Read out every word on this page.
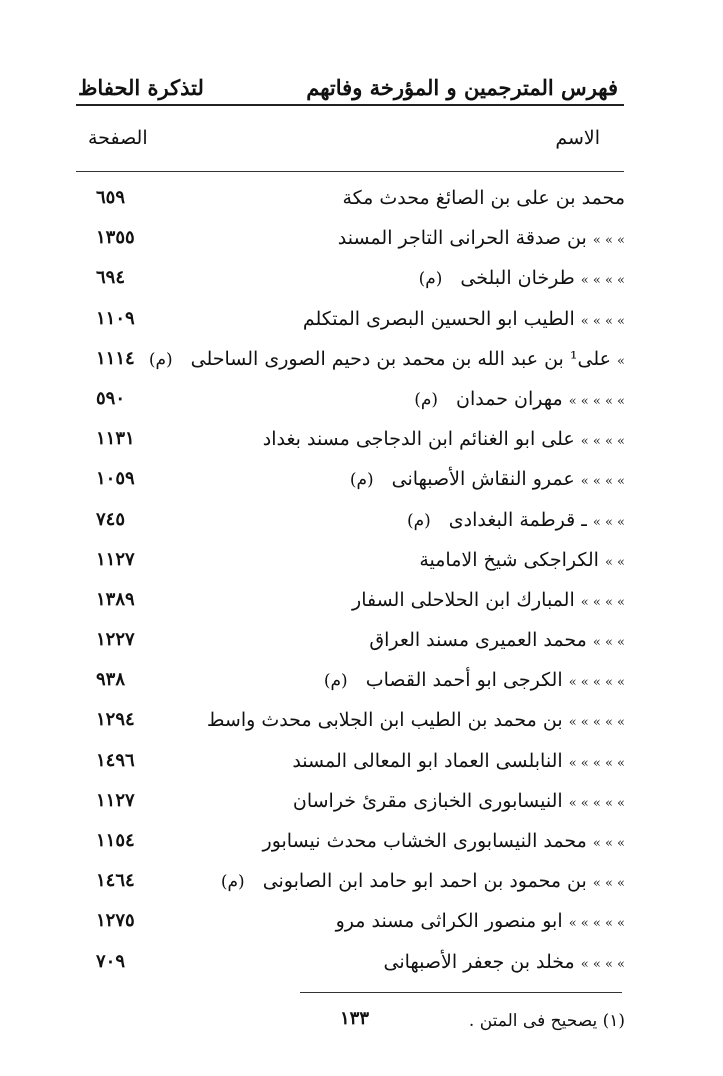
فهرس المترجمين و المؤرخة وفاتهم
لتذكرة الحفاظ
الاسم
الصفحة
محمد بن على بن الصائغ محدث مكة
٦٥٩
» » » بن صدقة الحرانى التاجر المسند
١٣٥٥
» » » » طرخان البلخى(م)
٦٩٤
» » » » الطيب ابو الحسين البصرى المتكلم
١١٠٩
» على¹ بن عبد الله بن محمد بن دحيم الصورى الساحلى(م)
١١١٤
» » » » » مهران حمدان(م)
٥٩٠
» » » » على ابو الغنائم ابن الدجاجى مسند بغداد
١١٣١
» » » » عمرو النقاش الأصبهانى(م)
١٠٥٩
» » » ـ قرطمة البغدادى(م)
٧٤٥
» » الكراجكى شيخ الامامية
١١٢٧
» » » » المبارك ابن الحلاحلى السفار
١٣٨٩
» » » محمد العميرى مسند العراق
١٢٢٧
» » » » » الكرجى ابو أحمد القصاب(م)
٩٣٨
» » » » » بن محمد بن الطيب ابن الجلابى محدث واسط
١٢٩٤
» » » » » النابلسى العماد ابو المعالى المسند
١٤٩٦
» » » » » النيسابورى الخبازى مقرئ خراسان
١١٢٧
» » » محمد النيسابورى الخشاب محدث نيسابور
١١٥٤
» » » بن محمود بن احمد ابو حامد ابن الصابونى(م)
١٤٦٤
» » » » » ابو منصور الكراثى مسند مرو
١٢٧٥
» » » » مخلد بن جعفر الأصبهانى
٧٠٩
(١) يصحيح فى المتن .
١٣٣
